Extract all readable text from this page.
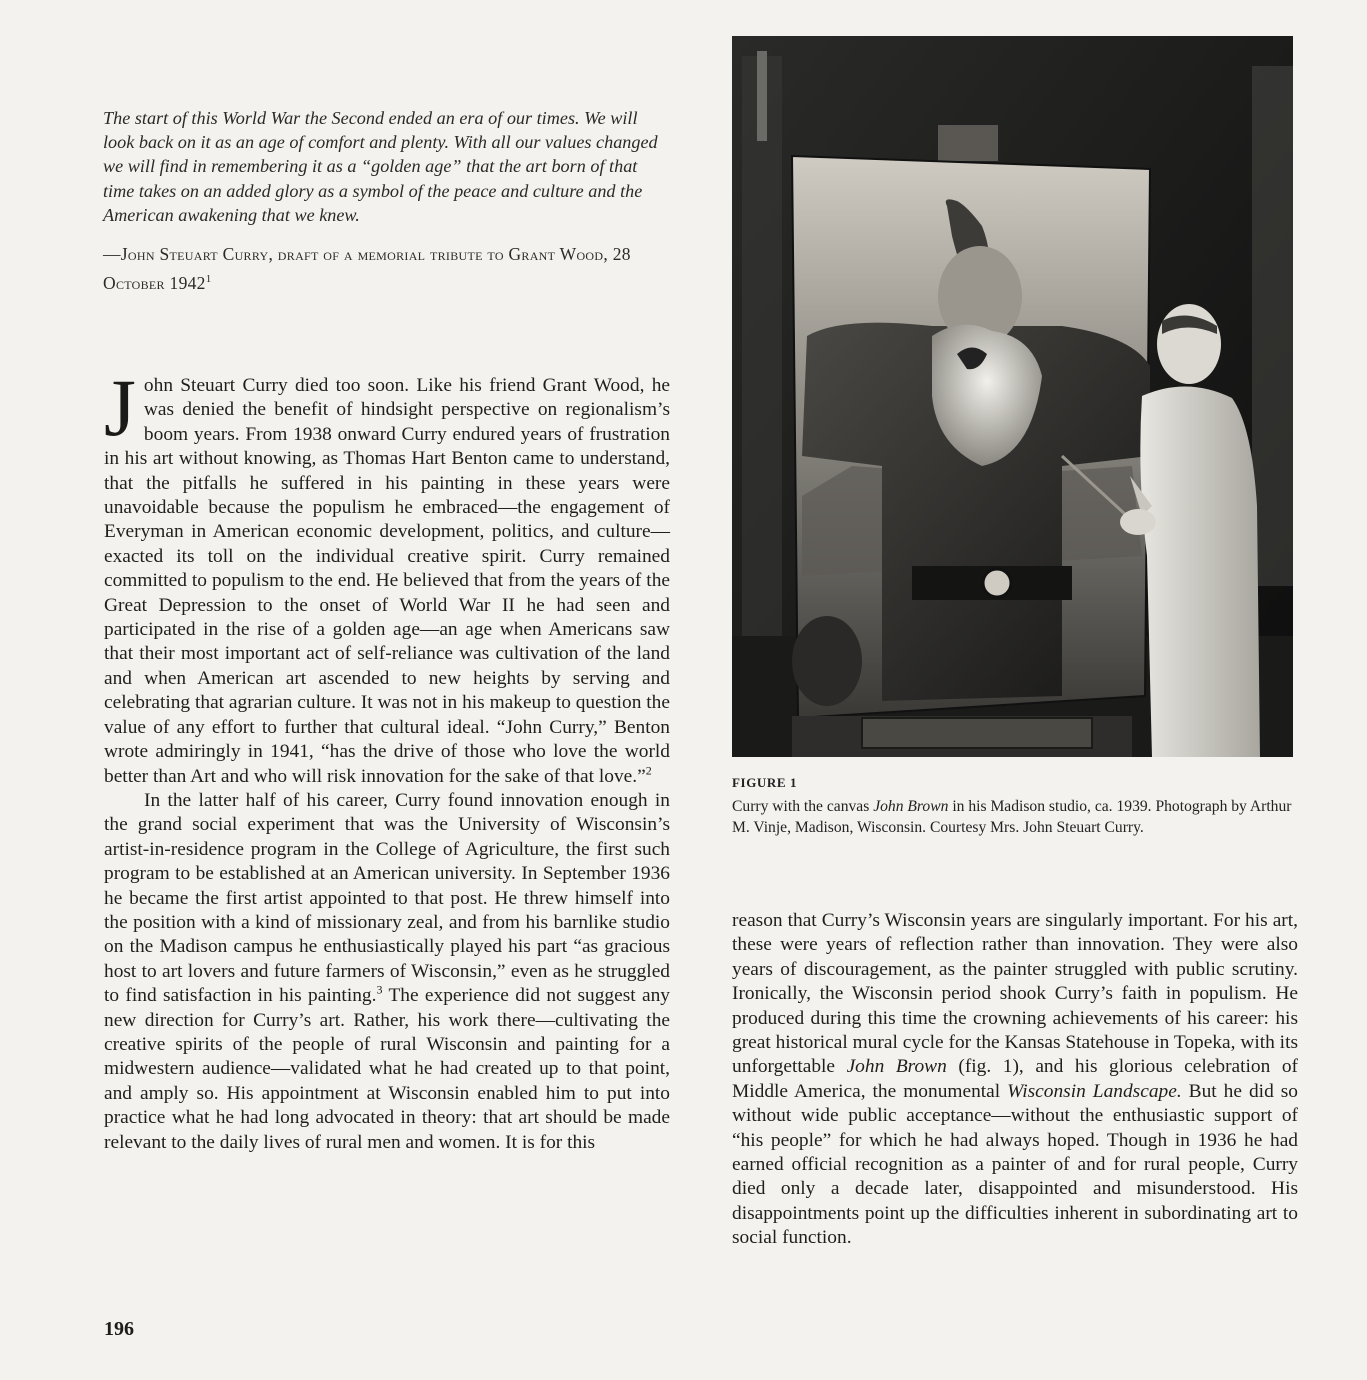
The start of this World War the Second ended an era of our times. We will look back on it as an age of comfort and plenty. With all our values changed we will find in remembering it as a “golden age” that the art born of that time takes on an added glory as a symbol of the peace and culture and the American awakening that we knew.
—John Steuart Curry, draft of a memorial tribute to Grant Wood, 28 October 1942$^1$

John Steuart Curry died too soon. Like his friend Grant Wood, he was denied the benefit of hindsight perspective on regionalism’s boom years. From 1938 onward Curry endured years of frustration in his art without knowing, as Thomas Hart Benton came to understand, that the pitfalls he suffered in his painting in these years were unavoidable because the populism he embraced—the engagement of Everyman in American economic development, politics, and culture—exacted its toll on the individual creative spirit. Curry remained committed to populism to the end. He believed that from the years of the Great Depression to the onset of World War II he had seen and participated in the rise of a golden age—an age when Americans saw that their most important act of self-reliance was cultivation of the land and when American art ascended to new heights by serving and celebrating that agrarian culture. It was not in his makeup to question the value of any effort to further that cultural ideal. “John Curry,” Benton wrote admiringly in 1941, “has the drive of those who love the world better than Art and who will risk innovation for the sake of that love.”$^2$

In the latter half of his career, Curry found innovation enough in the grand social experiment that was the University of Wisconsin’s artist-in-residence program in the College of Agriculture, the first such program to be established at an American university. In September 1936 he became the first artist appointed to that post. He threw himself into the position with a kind of missionary zeal, and from his barnlike studio on the Madison campus he enthusiastically played his part “as gracious host to art lovers and future farmers of Wisconsin,” even as he struggled to find satisfaction in his painting.$^3$ The experience did not suggest any new direction for Curry’s art. Rather, his work there—cultivating the creative spirits of the people of rural Wisconsin and painting for a midwestern audience—validated what he had created up to that point, and amply so. His appointment at Wisconsin enabled him to put into practice what he had long advocated in theory: that art should be made relevant to the daily lives of rural men and women. It is for this

FIGURE 1
Curry with the canvas John Brown in his Madison studio, ca. 1939. Photograph by Arthur M. Vinje, Madison, Wisconsin. Courtesy Mrs. John Steuart Curry.

reason that Curry’s Wisconsin years are singularly important. For his art, these were years of reflection rather than innovation. They were also years of discouragement, as the painter struggled with public scrutiny. Ironically, the Wisconsin period shook Curry’s faith in populism. He produced during this time the crowning achievements of his career: his great historical mural cycle for the Kansas Statehouse in Topeka, with its unforgettable John Brown (fig. 1), and his glorious celebration of Middle America, the monumental Wisconsin Landscape. But he did so without wide public acceptance—without the enthusiastic support of “his people” for which he had always hoped. Though in 1936 he had earned official recognition as a painter of and for rural people, Curry died only a decade later, disappointed and misunderstood. His disappointments point up the difficulties inherent in subordinating art to social function.

196
